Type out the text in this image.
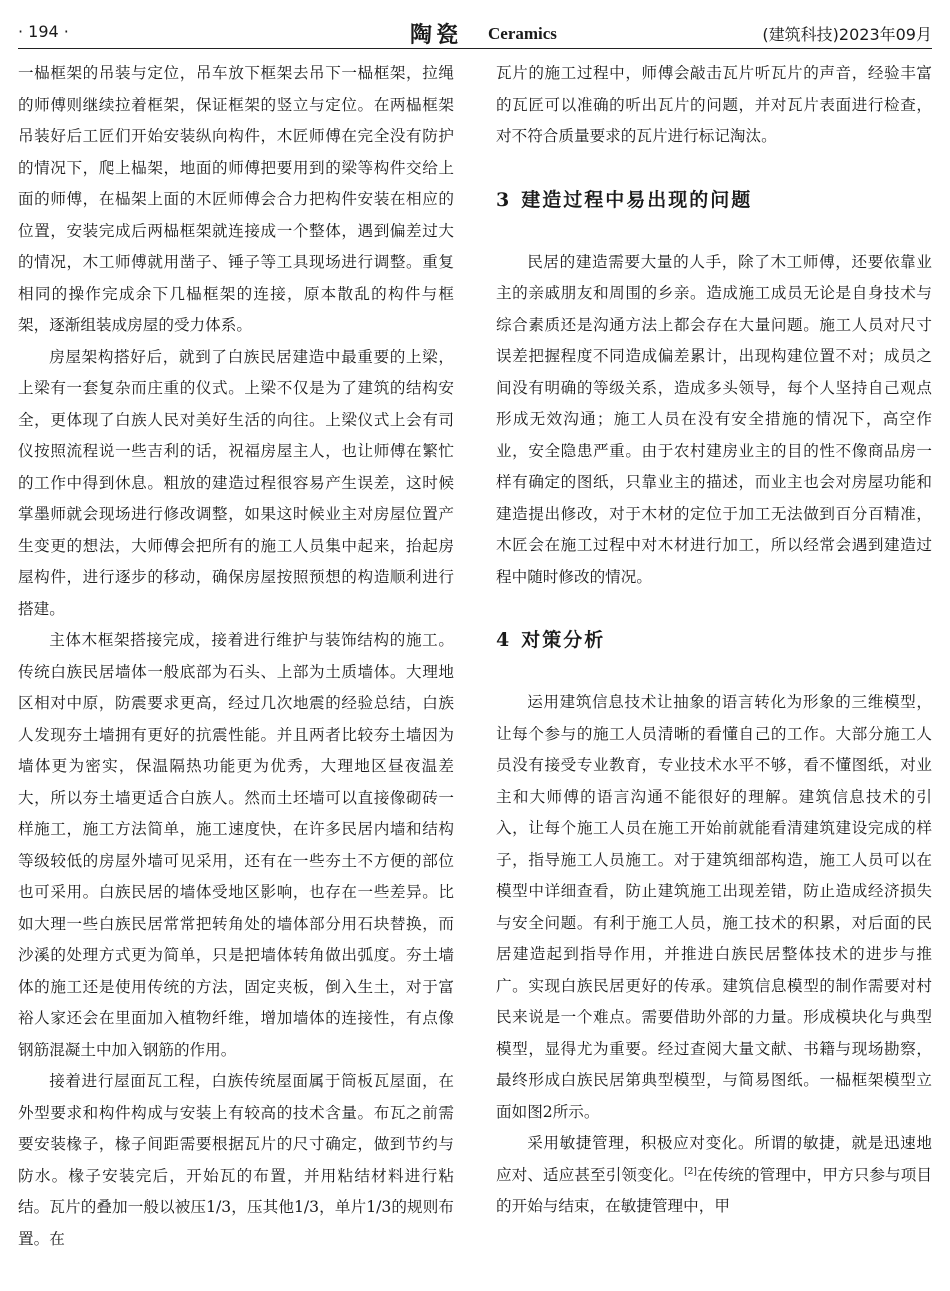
· 194 ·	陶瓷 Ceramics	(建筑科技)2023年09月

一榀框架的吊装与定位，吊车放下框架去吊下一榀框架，拉绳的师傅则继续拉着框架，保证框架的竖立与定位。在两榀框架吊装好后工匠们开始安装纵向构件，木匠师傅在完全没有防护的情况下，爬上榀架，地面的师傅把要用到的梁等构件交给上面的师傅，在榀架上面的木匠师傅会合力把构件安装在相应的位置，安装完成后两榀框架就连接成一个整体，遇到偏差过大的情况，木工师傅就用凿子、锤子等工具现场进行调整。重复相同的操作完成余下几榀框架的连接，原本散乱的构件与框架，逐渐组装成房屋的受力体系。

房屋架构搭好后，就到了白族民居建造中最重要的上梁，上梁有一套复杂而庄重的仪式。上梁不仅是为了建筑的结构安全，更体现了白族人民对美好生活的向往。上梁仪式上会有司仪按照流程说一些吉利的话，祝福房屋主人，也让师傅在繁忙的工作中得到休息。粗放的建造过程很容易产生误差，这时候掌墨师就会现场进行修改调整，如果这时候业主对房屋位置产生变更的想法，大师傅会把所有的施工人员集中起来，抬起房屋构件，进行逐步的移动，确保房屋按照预想的构造顺利进行搭建。

主体木框架搭接完成，接着进行维护与装饰结构的施工。传统白族民居墙体一般底部为石头、上部为土质墙体。大理地区相对中原，防震要求更高，经过几次地震的经验总结，白族人发现夯土墙拥有更好的抗震性能。并且两者比较夯土墙因为墙体更为密实，保温隔热功能更为优秀，大理地区昼夜温差大，所以夯土墙更适合白族人。然而土坯墙可以直接像砌砖一样施工，施工方法简单，施工速度快，在许多民居内墙和结构等级较低的房屋外墙可见采用，还有在一些夯土不方便的部位也可采用。白族民居的墙体受地区影响，也存在一些差异。比如大理一些白族民居常常把转角处的墙体部分用石块替换，而沙溪的处理方式更为简单，只是把墙体转角做出弧度。夯土墙体的施工还是使用传统的方法，固定夹板，倒入生土，对于富裕人家还会在里面加入植物纤维，增加墙体的连接性，有点像钢筋混凝土中加入钢筋的作用。

接着进行屋面瓦工程，白族传统屋面属于筒板瓦屋面，在外型要求和构件构成与安装上有较高的技术含量。布瓦之前需要安装椽子，椽子间距需要根据瓦片的尺寸确定，做到节约与防水。椽子安装完后，开始瓦的布置，并用粘结材料进行粘结。瓦片的叠加一般以被压1/3，压其他1/3，单片1/3的规则布置。在

瓦片的施工过程中，师傅会敲击瓦片听瓦片的声音，经验丰富的瓦匠可以准确的听出瓦片的问题，并对瓦片表面进行检查，对不符合质量要求的瓦片进行标记淘汰。

3 建造过程中易出现的问题

民居的建造需要大量的人手，除了木工师傅，还要依靠业主的亲戚朋友和周围的乡亲。造成施工成员无论是自身技术与综合素质还是沟通方法上都会存在大量问题。施工人员对尺寸误差把握程度不同造成偏差累计，出现构建位置不对；成员之间没有明确的等级关系，造成多头领导，每个人坚持自己观点形成无效沟通；施工人员在没有安全措施的情况下，高空作业，安全隐患严重。由于农村建房业主的目的性不像商品房一样有确定的图纸，只靠业主的描述，而业主也会对房屋功能和建造提出修改，对于木材的定位于加工无法做到百分百精准，木匠会在施工过程中对木材进行加工，所以经常会遇到建造过程中随时修改的情况。

4 对策分析

运用建筑信息技术让抽象的语言转化为形象的三维模型，让每个参与的施工人员清晰的看懂自己的工作。大部分施工人员没有接受专业教育，专业技术水平不够，看不懂图纸，对业主和大师傅的语言沟通不能很好的理解。建筑信息技术的引入，让每个施工人员在施工开始前就能看清建筑建设完成的样子，指导施工人员施工。对于建筑细部构造，施工人员可以在模型中详细查看，防止建筑施工出现差错，防止造成经济损失与安全问题。有利于施工人员，施工技术的积累，对后面的民居建造起到指导作用，并推进白族民居整体技术的进步与推广。实现白族民居更好的传承。建筑信息模型的制作需要对村民来说是一个难点。需要借助外部的力量。形成模块化与典型模型，显得尤为重要。经过查阅大量文献、书籍与现场勘察，最终形成白族民居第典型模型，与简易图纸。一榀框架模型立面如图2所示。

采用敏捷管理，积极应对变化。所谓的敏捷，就是迅速地应对、适应甚至引领变化。[2]在传统的管理中，甲方只参与项目的开始与结束，在敏捷管理中，甲
